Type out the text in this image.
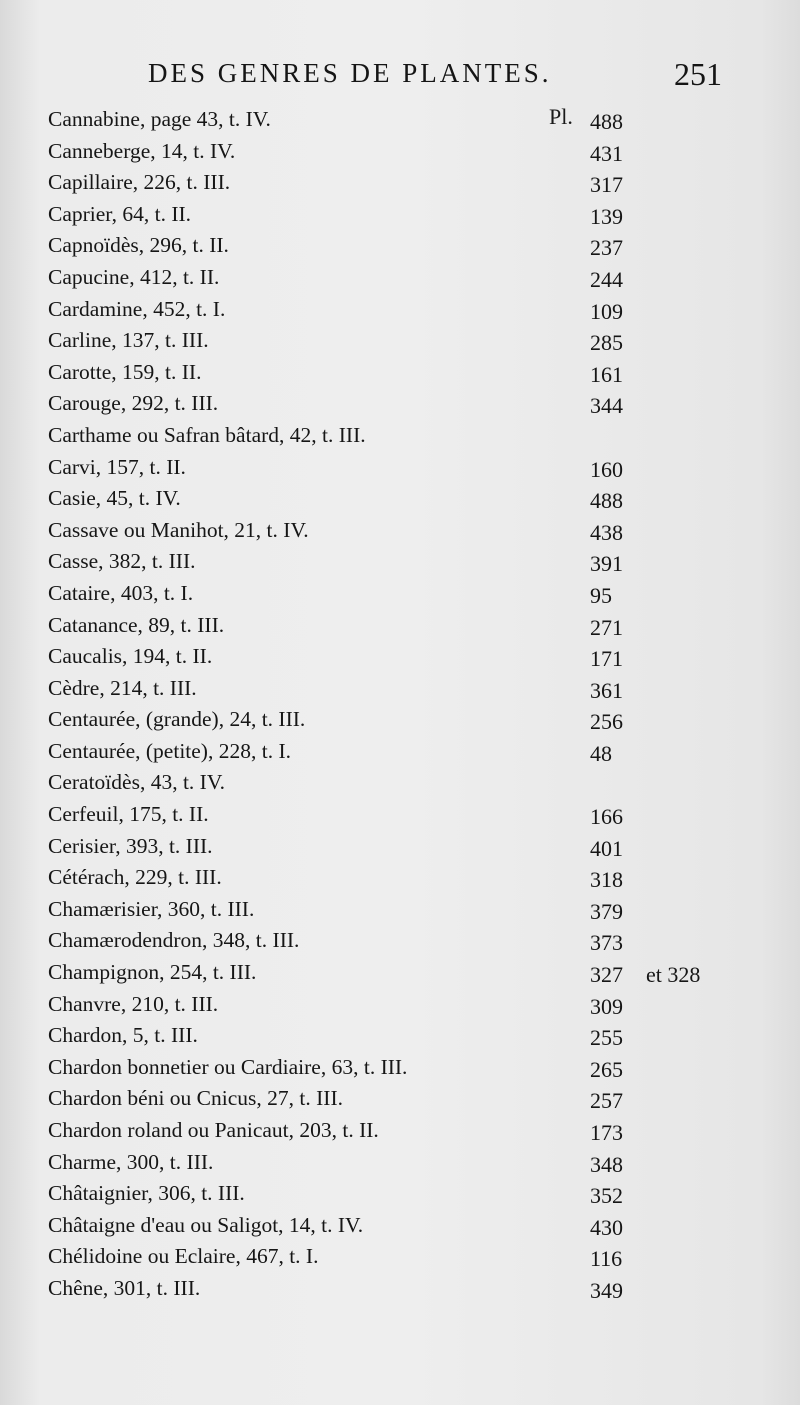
DES GENRES DE PLANTES.	251
Pl.
Cannabine, page 43, t. IV.	488
Canneberge, 14, t. IV.	431
Capillaire, 226, t. III.	317
Caprier, 64, t. II.	139
Capnoïdès, 296, t. II.	237
Capucine, 412, t. II.	244
Cardamine, 452, t. I.	109
Carline, 137, t. III.	285
Carotte, 159, t. II.	161
Carouge, 292, t. III.	344
Carthame ou Safran bâtard, 42, t. III.
Carvi, 157, t. II.	160
Casie, 45, t. IV.	488
Cassave ou Manihot, 21, t. IV.	438
Casse, 382, t. III.	391
Cataire, 403, t. I.	95
Catanance, 89, t. III.	271
Caucalis, 194, t. II.	171
Cèdre, 214, t. III.	361
Centaurée, (grande), 24, t. III.	256
Centaurée, (petite), 228, t. I.	48
Ceratoïdès, 43, t. IV.
Cerfeuil, 175, t. II.	166
Cerisier, 393, t. III.	401
Cétérach, 229, t. III.	318
Chamærisier, 360, t. III.	379
Chamærodendron, 348, t. III.	373
Champignon, 254, t. III.	327 et 328
Chanvre, 210, t. III.	309
Chardon, 5, t. III.	255
Chardon bonnetier ou Cardiaire, 63, t. III.	265
Chardon béni ou Cnicus, 27, t. III.	257
Chardon roland ou Panicaut, 203, t. II.	173
Charme, 300, t. III.	348
Châtaignier, 306, t. III.	352
Châtaigne d'eau ou Saligot, 14, t. IV.	430
Chélidoine ou Eclaire, 467, t. I.	116
Chêne, 301, t. III.	349
